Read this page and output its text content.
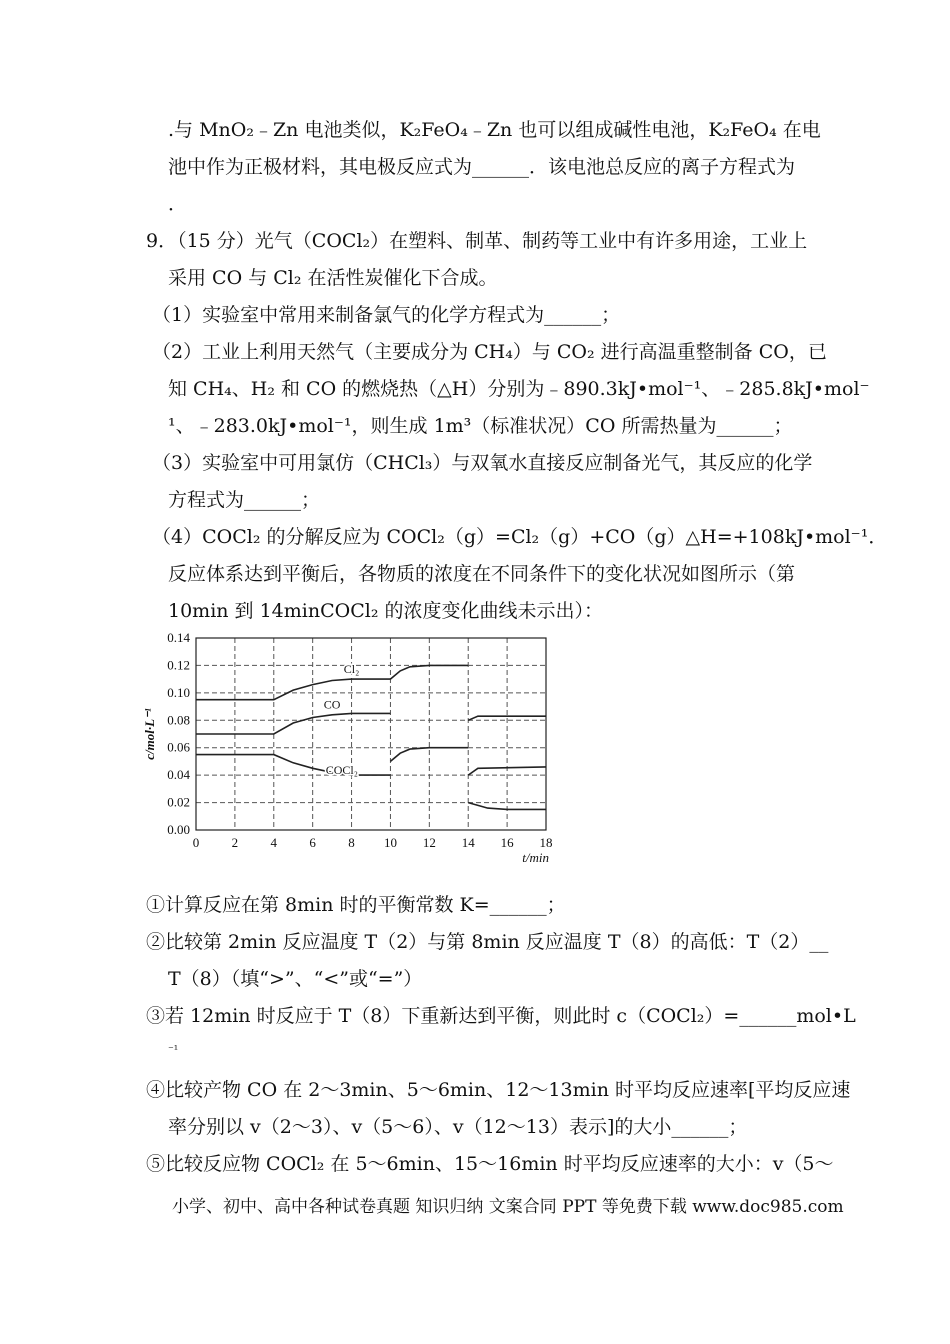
.与 MnO₂﹣Zn 电池类似，K₂FeO₄﹣Zn 也可以组成碱性电池，K₂FeO₄ 在电
池中作为正极材料，其电极反应式为______．该电池总反应的离子方程式为
．
9．（15 分）光气（COCl₂）在塑料、制革、制药等工业中有许多用途，工业上
采用 CO 与 Cl₂ 在活性炭催化下合成。
（1）实验室中常用来制备氯气的化学方程式为______；
（2）工业上利用天然气（主要成分为 CH₄）与 CO₂ 进行高温重整制备 CO，已
知 CH₄、H₂ 和 CO 的燃烧热（△H）分别为﹣890.3kJ•mol⁻¹、﹣285.8kJ•mol⁻
¹、﹣283.0kJ•mol⁻¹，则生成 1m³（标准状况）CO 所需热量为______；
（3）实验室中可用氯仿（CHCl₃）与双氧水直接反应制备光气，其反应的化学
方程式为______；
（4）COCl₂ 的分解反应为 COCl₂（g）=Cl₂（g）+CO（g）△H=+108kJ•mol⁻¹．
反应体系达到平衡后，各物质的浓度在不同条件下的变化状况如图所示（第
10min 到 14minCOCl₂ 的浓度变化曲线未示出）：
0 2 4 6 8 10 12 14 16 18
0.00
0.02
0.04
0.06
0.08
0.10
0.12
0.14
t/min
c/mol·L⁻¹
Cl₂
CO
COCl₂
①计算反应在第 8min 时的平衡常数 K=______；
②比较第 2min 反应温度 T（2）与第 8min 反应温度 T（8）的高低：T（2）__
T（8）（填“>”、“<”或“=”）
③若 12min 时反应于 T（8）下重新达到平衡，则此时 c（COCl₂）=______mol•L
⁻¹
④比较产物 CO 在 2～3min、5～6min、12～13min 时平均反应速率[平均反应速
率分别以 v（2～3）、v（5～6）、v（12～13）表示]的大小______；
⑤比较反应物 COCl₂ 在 5～6min、15～16min 时平均反应速率的大小：v（5～
小学、初中、高中各种试卷真题 知识归纳 文案合同 PPT 等免费下载 www.doc985.com
